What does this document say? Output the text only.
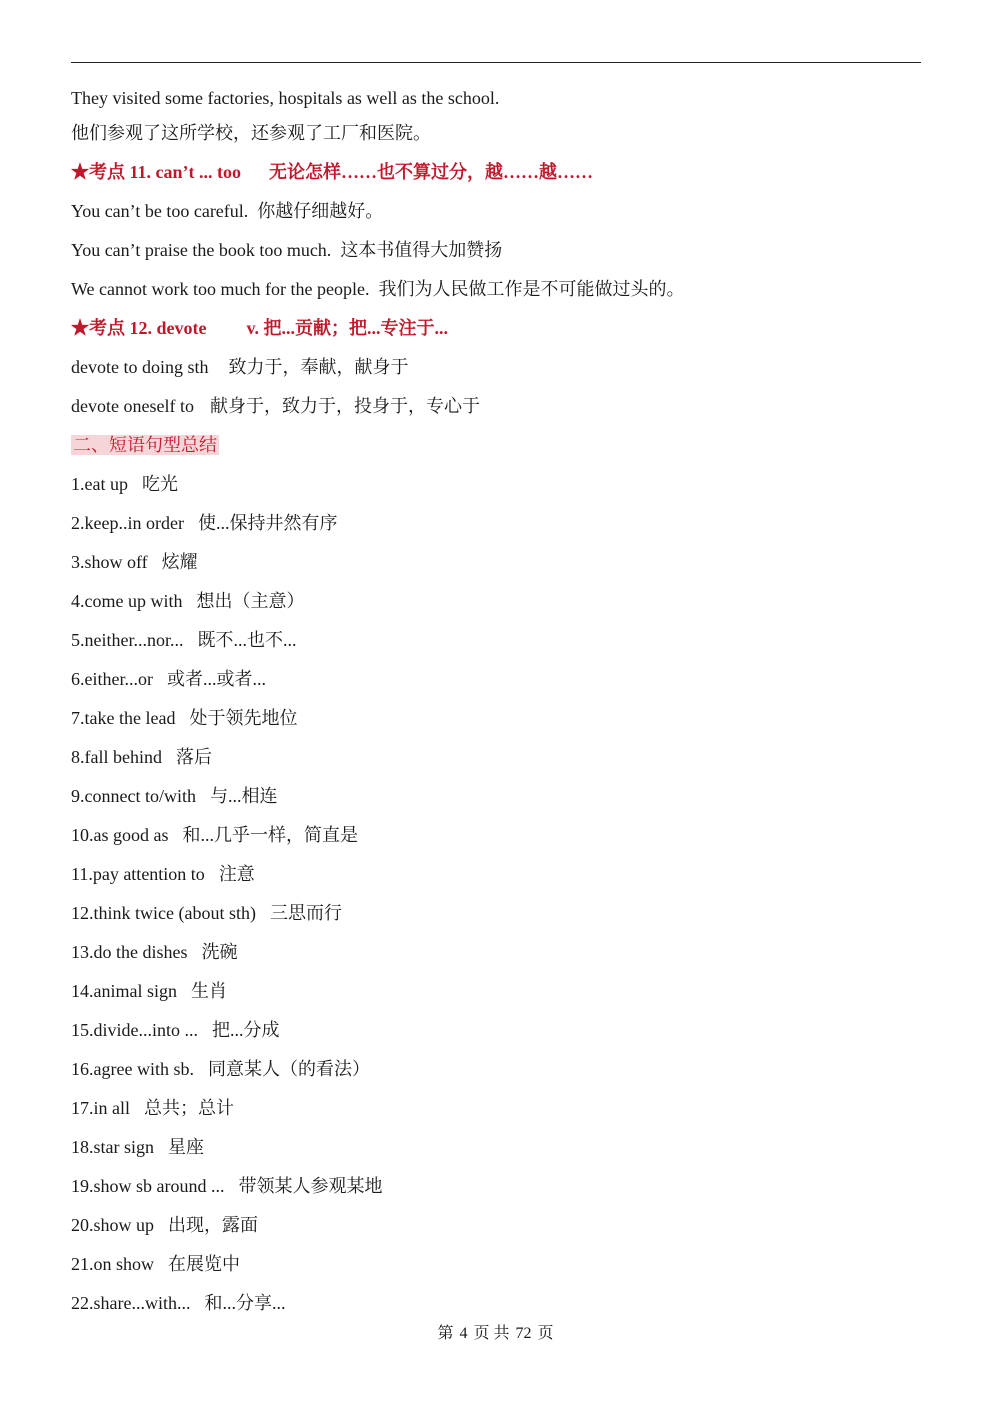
They visited some factories, hospitals as well as the school.
他们参观了这所学校，还参观了工厂和医院。
★考点 11. can’t ... too 无论怎样……也不算过分，越……越……
You can’t be too careful. 你越仔细越好。
You can’t praise the book too much. 这本书值得大加赞扬
We cannot work too much for the people. 我们为人民做工作是不可能做过头的。
★考点 12. devote v. 把...贡献；把...专注于...
devote to doing sth 致力于，奉献，献身于
devote oneself to 献身于，致力于，投身于，专心于
二、短语句型总结
1.eat up 吃光
2.keep..in order 使...保持井然有序
3.show off 炫耀
4.come up with 想出（主意）
5.neither...nor... 既不...也不...
6.either...or 或者...或者...
7.take the lead 处于领先地位
8.fall behind 落后
9.connect to/with 与...相连
10.as good as 和...几乎一样，简直是
11.pay attention to 注意
12.think twice (about sth) 三思而行
13.do the dishes 洗碗
14.animal sign 生肖
15.divide...into ... 把...分成
16.agree with sb. 同意某人（的看法）
17.in all 总共；总计
18.star sign 星座
19.show sb around ... 带领某人参观某地
20.show up 出现，露面
21.on show 在展览中
22.share...with... 和...分享...
第 4 页 共 72 页
